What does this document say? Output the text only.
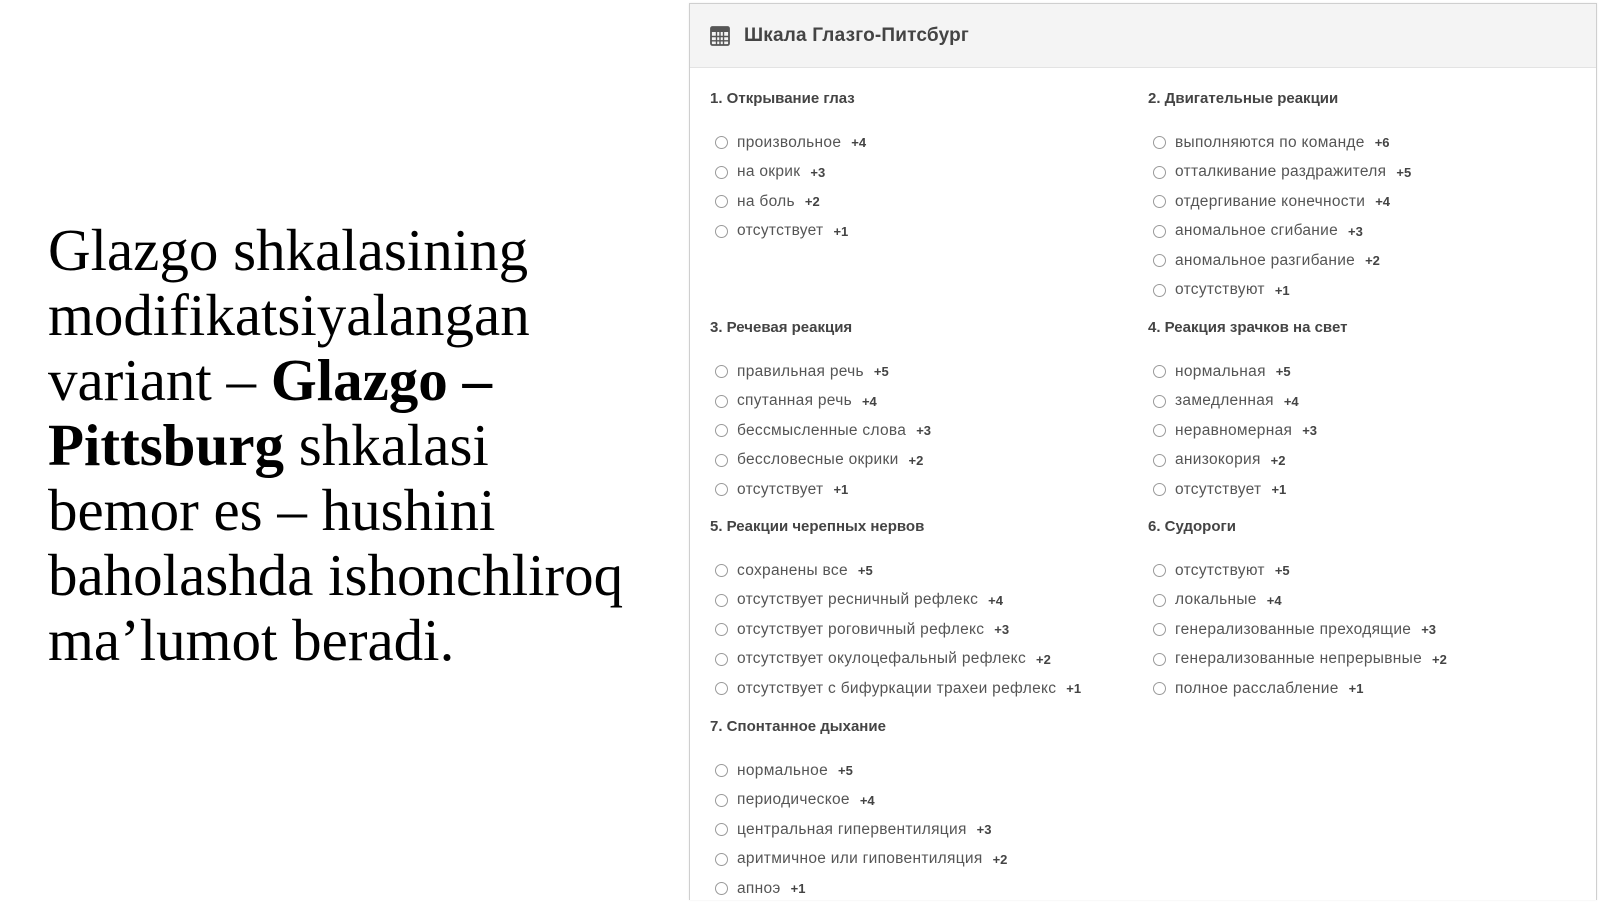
Glazgo shkalasining modifikatsiyalangan variant – Glazgo – Pittsburg shkalasi bemor es – hushini baholashda ishonchliroq ma’lumot beradi.
Шкала Глазго-Питсбург
1. Открывание глаз
произвольное +4
на окрик +3
на боль +2
отсутствует +1
2. Двигательные реакции
выполняются по команде +6
отталкивание раздражителя +5
отдергивание конечности +4
аномальное сгибание +3
аномальное разгибание +2
отсутствуют +1
3. Речевая реакция
правильная речь +5
спутанная речь +4
бессмысленные слова +3
бессловесные окрики +2
отсутствует +1
4. Реакция зрачков на свет
нормальная +5
замедленная +4
неравномерная +3
анизокория +2
отсутствует +1
5. Реакции черепных нервов
сохранены все +5
отсутствует ресничный рефлекс +4
отсутствует роговичный рефлекс +3
отсутствует окулоцефальный рефлекс +2
отсутствует с бифуркации трахеи рефлекс +1
6. Судороги
отсутствуют +5
локальные +4
генерализованные преходящие +3
генерализованные непрерывные +2
полное расслабление +1
7. Спонтанное дыхание
нормальное +5
периодическое +4
центральная гипервентиляция +3
аритмичное или гиповентиляция +2
апноэ +1
